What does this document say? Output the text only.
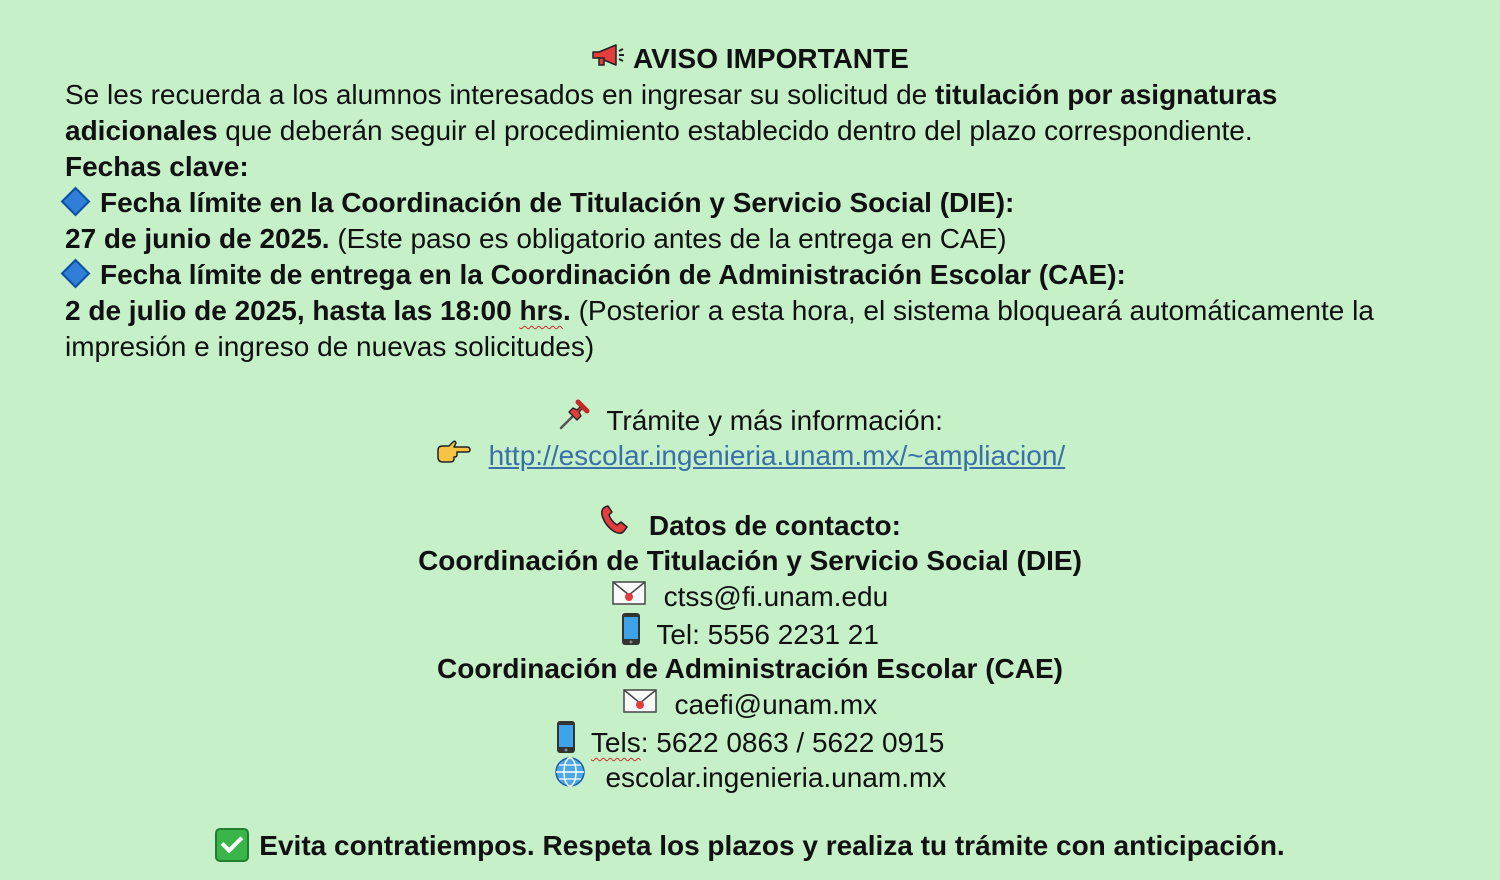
AVISO IMPORTANTE
Se les recuerda a los alumnos interesados en ingresar su solicitud de titulación por asignaturas
adicionales que deberán seguir el procedimiento establecido dentro del plazo correspondiente.
Fechas clave:
Fecha límite en la Coordinación de Titulación y Servicio Social (DIE):
27 de junio de 2025. (Este paso es obligatorio antes de la entrega en CAE)
Fecha límite de entrega en la Coordinación de Administración Escolar (CAE):
2 de julio de 2025, hasta las 18:00 hrs. (Posterior a esta hora, el sistema bloqueará automáticamente la
impresión e ingreso de nuevas solicitudes)
Trámite y más información:
http://escolar.ingenieria.unam.mx/~ampliacion/
Datos de contacto:
Coordinación de Titulación y Servicio Social (DIE)
ctss@fi.unam.edu
Tel: 5556 2231 21
Coordinación de Administración Escolar (CAE)
caefi@unam.mx
Tels: 5622 0863 / 5622 0915
escolar.ingenieria.unam.mx
Evita contratiempos. Respeta los plazos y realiza tu trámite con anticipación.
